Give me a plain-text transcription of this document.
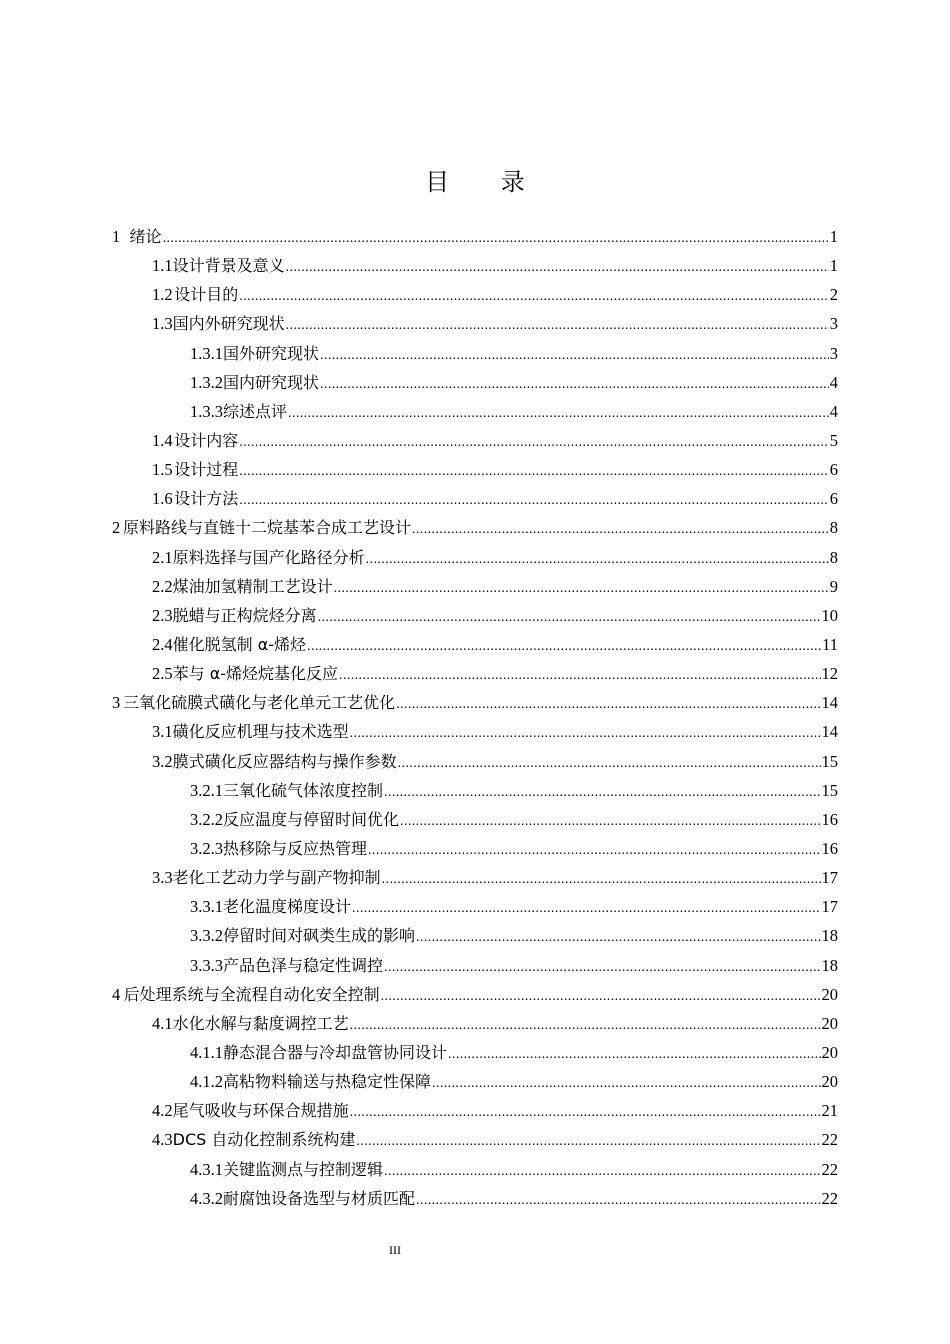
目 录
1 绪论 .....	1
1.1 设计背景及意义 .....	1
1.2 设计目的 .....	2
1.3 国内外研究现状 .....	3
1.3.1 国外研究现状 .....	3
1.3.2 国内研究现状 .....	4
1.3.3 综述点评 .....	4
1.4 设计内容 .....	5
1.5 设计过程 .....	6
1.6 设计方法 .....	6
2 原料路线与直链十二烷基苯合成工艺设计 .....	8
2.1 原料选择与国产化路径分析 .....	8
2.2 煤油加氢精制工艺设计 .....	9
2.3 脱蜡与正构烷烃分离 .....	10
2.4 催化脱氢制 α-烯烃 .....	11
2.5 苯与 α-烯烃烷基化反应 .....	12
3 三氧化硫膜式磺化与老化单元工艺优化 .....	14
3.1 磺化反应机理与技术选型 .....	14
3.2 膜式磺化反应器结构与操作参数 .....	15
3.2.1 三氧化硫气体浓度控制 .....	15
3.2.2 反应温度与停留时间优化 .....	16
3.2.3 热移除与反应热管理 .....	16
3.3 老化工艺动力学与副产物抑制 .....	17
3.3.1 老化温度梯度设计 .....	17
3.3.2 停留时间对砜类生成的影响 .....	18
3.3.3 产品色泽与稳定性调控 .....	18
4 后处理系统与全流程自动化安全控制 .....	20
4.1 水化水解与黏度调控工艺 .....	20
4.1.1 静态混合器与冷却盘管协同设计 .....	20
4.1.2 高粘物料输送与热稳定性保障 .....	20
4.2 尾气吸收与环保合规措施 .....	21
4.3 DCS 自动化控制系统构建 .....	22
4.3.1 关键监测点与控制逻辑 .....	22
4.3.2 耐腐蚀设备选型与材质匹配 .....	22
III
